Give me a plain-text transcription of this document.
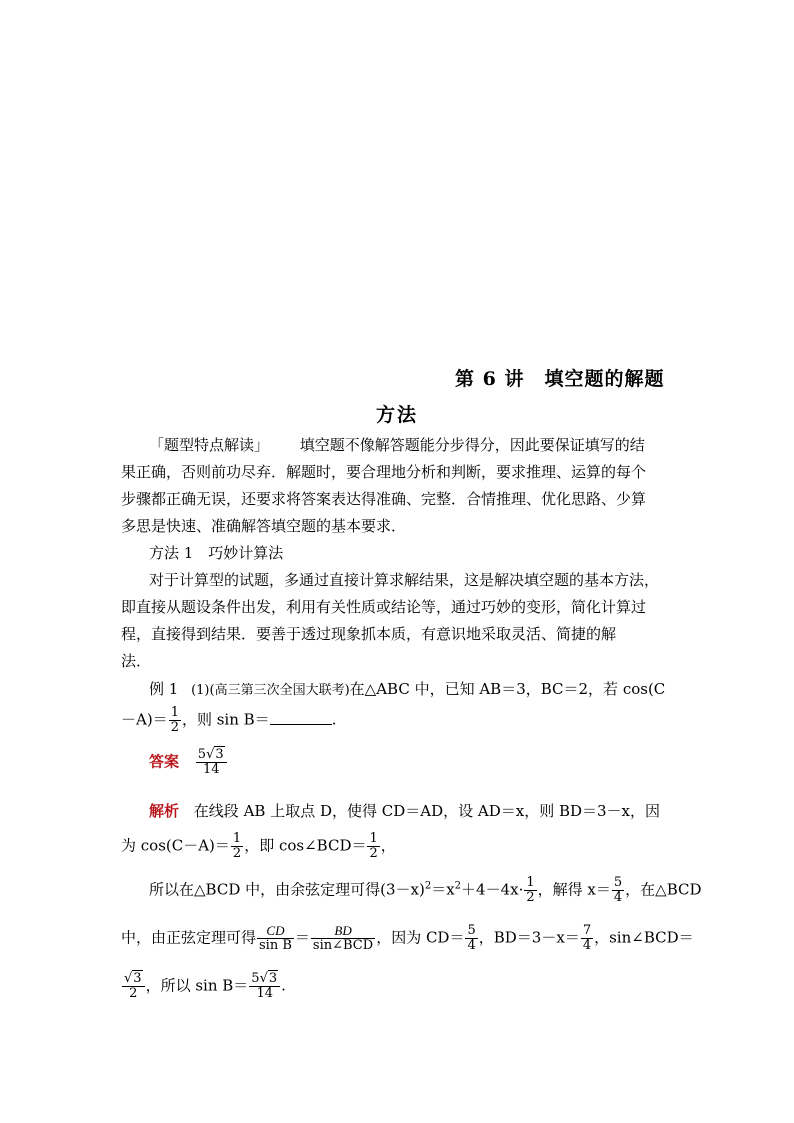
第 6 讲　填空题的解题
方法
「题型特点解读」 填空题不像解答题能分步得分，因此要保证填写的结
果正确，否则前功尽弃．解题时，要合理地分析和判断，要求推理、运算的每个
步骤都正确无误，还要求将答案表达得准确、完整．合情推理、优化思路、少算
多思是快速、准确解答填空题的基本要求．
方法 1　巧妙计算法
对于计算型的试题，多通过直接计算求解结果，这是解决填空题的基本方法，
即直接从题设条件出发，利用有关性质或结论等，通过巧妙的变形，简化计算过
程，直接得到结果．要善于透过现象抓本质，有意识地采取灵活、简捷的解
法．
例 1 (1)(高三第三次全国大联考)在△ABC 中，已知 AB＝3，BC＝2，若 cos(C
$-A)= \frac{1}{2}$ ，则 sin B＝	.
答案 $\frac{5√3}{14}$
解析 在线段 AB 上取点 D，使得 CD＝AD，设 AD＝x，则 BD＝3－x，因
为 $\cos(C-A)= \frac{1}{2}$ ，即 cos∠BCD＝ $\frac{1}{2}$ ，
所以在△BCD 中，由余弦定理可得$(3-x)^2=x^2+4-4x\cdot \frac{1}{2}$ ，解得 $x= \frac{5}{4}$ ，在△BCD
中，由正弦定理可得 $\frac{CD}{\text{sin B}} = \frac{BD}{\text{sin∠BCD}}$ ，因为 $CD= \frac{5}{4}$ ，$BD=3-x= \frac{7}{4}$ ，sin∠BCD＝
$\frac{√3}{2}$ ，所以 $\sin B= \frac{5√3}{14}$ .
